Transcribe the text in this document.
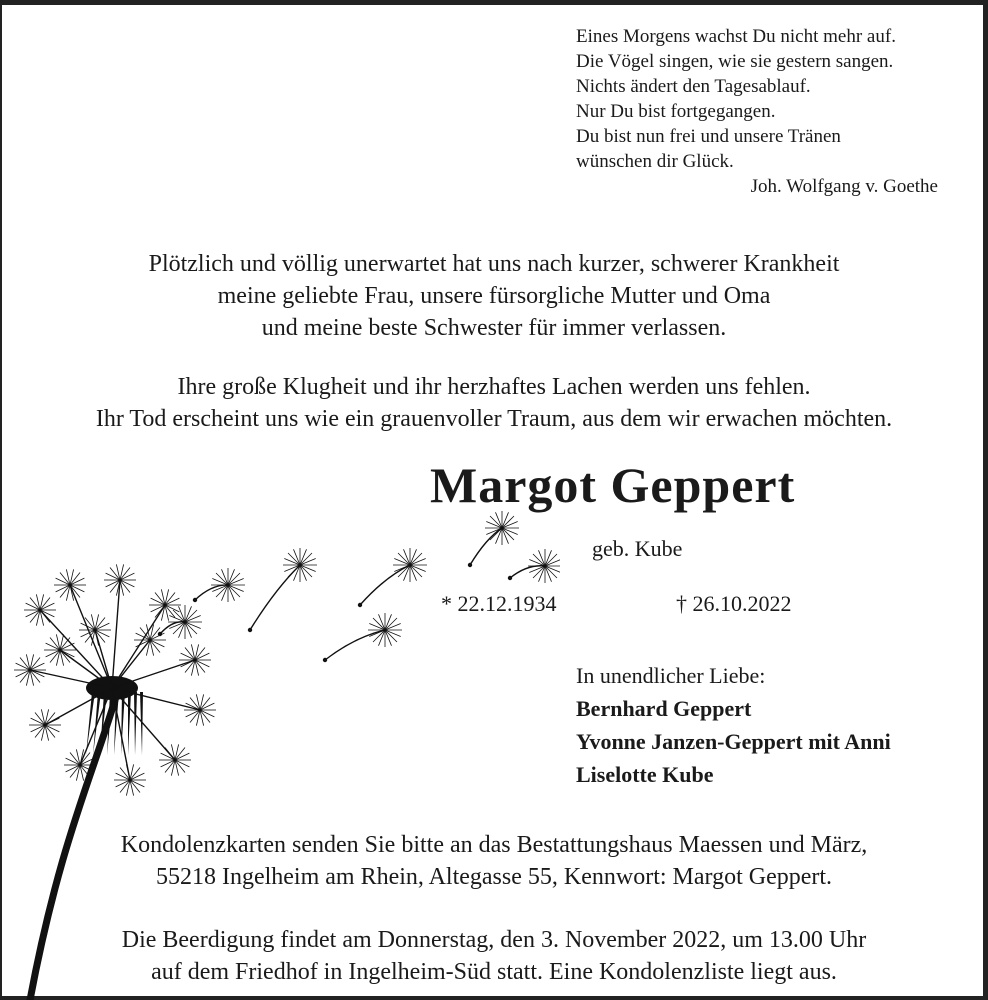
Eines Morgens wachst Du nicht mehr auf.
Die Vögel singen, wie sie gestern sangen.
Nichts ändert den Tagesablauf.
Nur Du bist fortgegangen.
Du bist nun frei und unsere Tränen
wünschen dir Glück.
Joh. Wolfgang v. Goethe
Plötzlich und völlig unerwartet hat uns nach kurzer, schwerer Krankheit
meine geliebte Frau, unsere fürsorgliche Mutter und Oma
und meine beste Schwester für immer verlassen.
Ihre große Klugheit und ihr herzhaftes Lachen werden uns fehlen.
Ihr Tod erscheint uns wie ein grauenvoller Traum, aus dem wir erwachen möchten.
Margot Geppert
geb. Kube
* 22.12.1934	† 26.10.2022
In unendlicher Liebe:
Bernhard Geppert
Yvonne Janzen-Geppert mit Anni
Liselotte Kube
Kondolenzkarten senden Sie bitte an das Bestattungshaus Maessen und März,
55218 Ingelheim am Rhein, Altegasse 55, Kennwort: Margot Geppert.
Die Beerdigung findet am Donnerstag, den 3. November 2022, um 13.00 Uhr
auf dem Friedhof in Ingelheim-Süd statt. Eine Kondolenzliste liegt aus.
